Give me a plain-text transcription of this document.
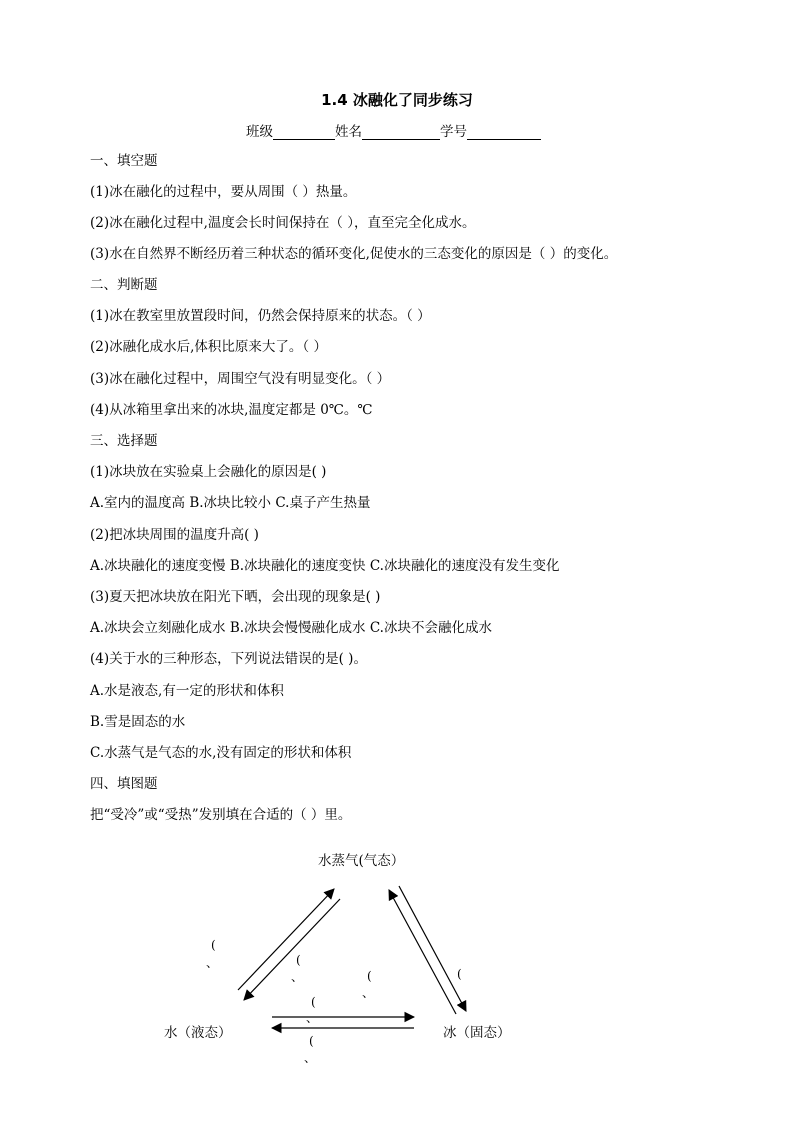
1.4 冰融化了同步练习
班级	姓名	学号
一、填空题
(1)冰在融化的过程中，要从周围（ ）热量。
(2)冰在融化过程中,温度会长时间保持在（ ），直至完全化成水。
(3)水在自然界不断经历着三种状态的循环变化,促使水的三态变化的原因是（ ）的变化。
二、判断题
(1)冰在教室里放置段时间，仍然会保持原来的状态。（ ）
(2)冰融化成水后,体积比原来大了。（ ）
(3)冰在融化过程中，周围空气没有明显变化。（ ）
(4)从冰箱里拿出来的冰块,温度定都是 0℃。℃
三、选择题
(1)冰块放在实验桌上会融化的原因是( )
A.室内的温度高 B.冰块比较小 C.桌子产生热量
(2)把冰块周围的温度升高( )
A.冰块融化的速度变慢 B.冰块融化的速度变快 C.冰块融化的速度没有发生变化
(3)夏天把冰块放在阳光下晒，会出现的现象是( )
A.冰块会立刻融化成水 B.冰块会慢慢融化成水 C.冰块不会融化成水
(4)关于水的三种形态，下列说法错误的是( )。
A.水是液态,有一定的形状和体积
B.雪是固态的水
C.水蒸气是气态的水,没有固定的形状和体积
四、填图题
把“受冷”或“受热”发别填在合适的（ ）里。
水蒸气(气态）
水（液态）	冰（固态）
(
、	(
、	(
、
(
(
、
(
、
